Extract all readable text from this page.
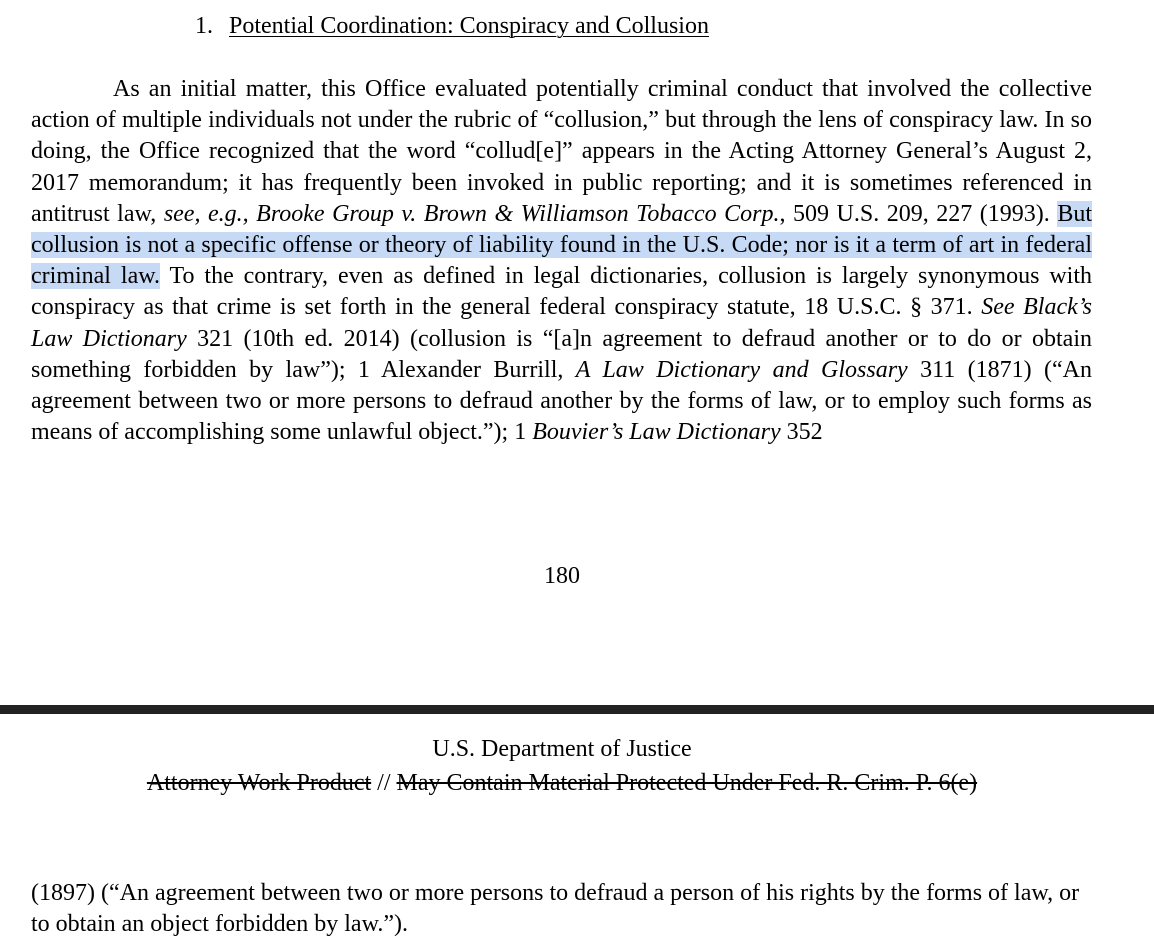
1. Potential Coordination: Conspiracy and Collusion

As an initial matter, this Office evaluated potentially criminal conduct that involved the collective action of multiple individuals not under the rubric of “collusion,” but through the lens of conspiracy law. In so doing, the Office recognized that the word “collud[e]” appears in the Acting Attorney General’s August 2, 2017 memorandum; it has frequently been invoked in public reporting; and it is sometimes referenced in antitrust law, see, e.g., Brooke Group v. Brown & Williamson Tobacco Corp., 509 U.S. 209, 227 (1993). But collusion is not a specific offense or theory of liability found in the U.S. Code; nor is it a term of art in federal criminal law. To the contrary, even as defined in legal dictionaries, collusion is largely synonymous with conspiracy as that crime is set forth in the general federal conspiracy statute, 18 U.S.C. § 371. See Black’s Law Dictionary 321 (10th ed. 2014) (collusion is “[a]n agreement to defraud another or to do or obtain something forbidden by law”); 1 Alexander Burrill, A Law Dictionary and Glossary 311 (1871) (“An agreement between two or more persons to defraud another by the forms of law, or to employ such forms as means of accomplishing some unlawful object.”); 1 Bouvier’s Law Dictionary 352

180
U.S. Department of Justice
Attorney Work Product // May Contain Material Protected Under Fed. R. Crim. P. 6(e)

(1897) (“An agreement between two or more persons to defraud a person of his rights by the forms of law, or to obtain an object forbidden by law.”).
